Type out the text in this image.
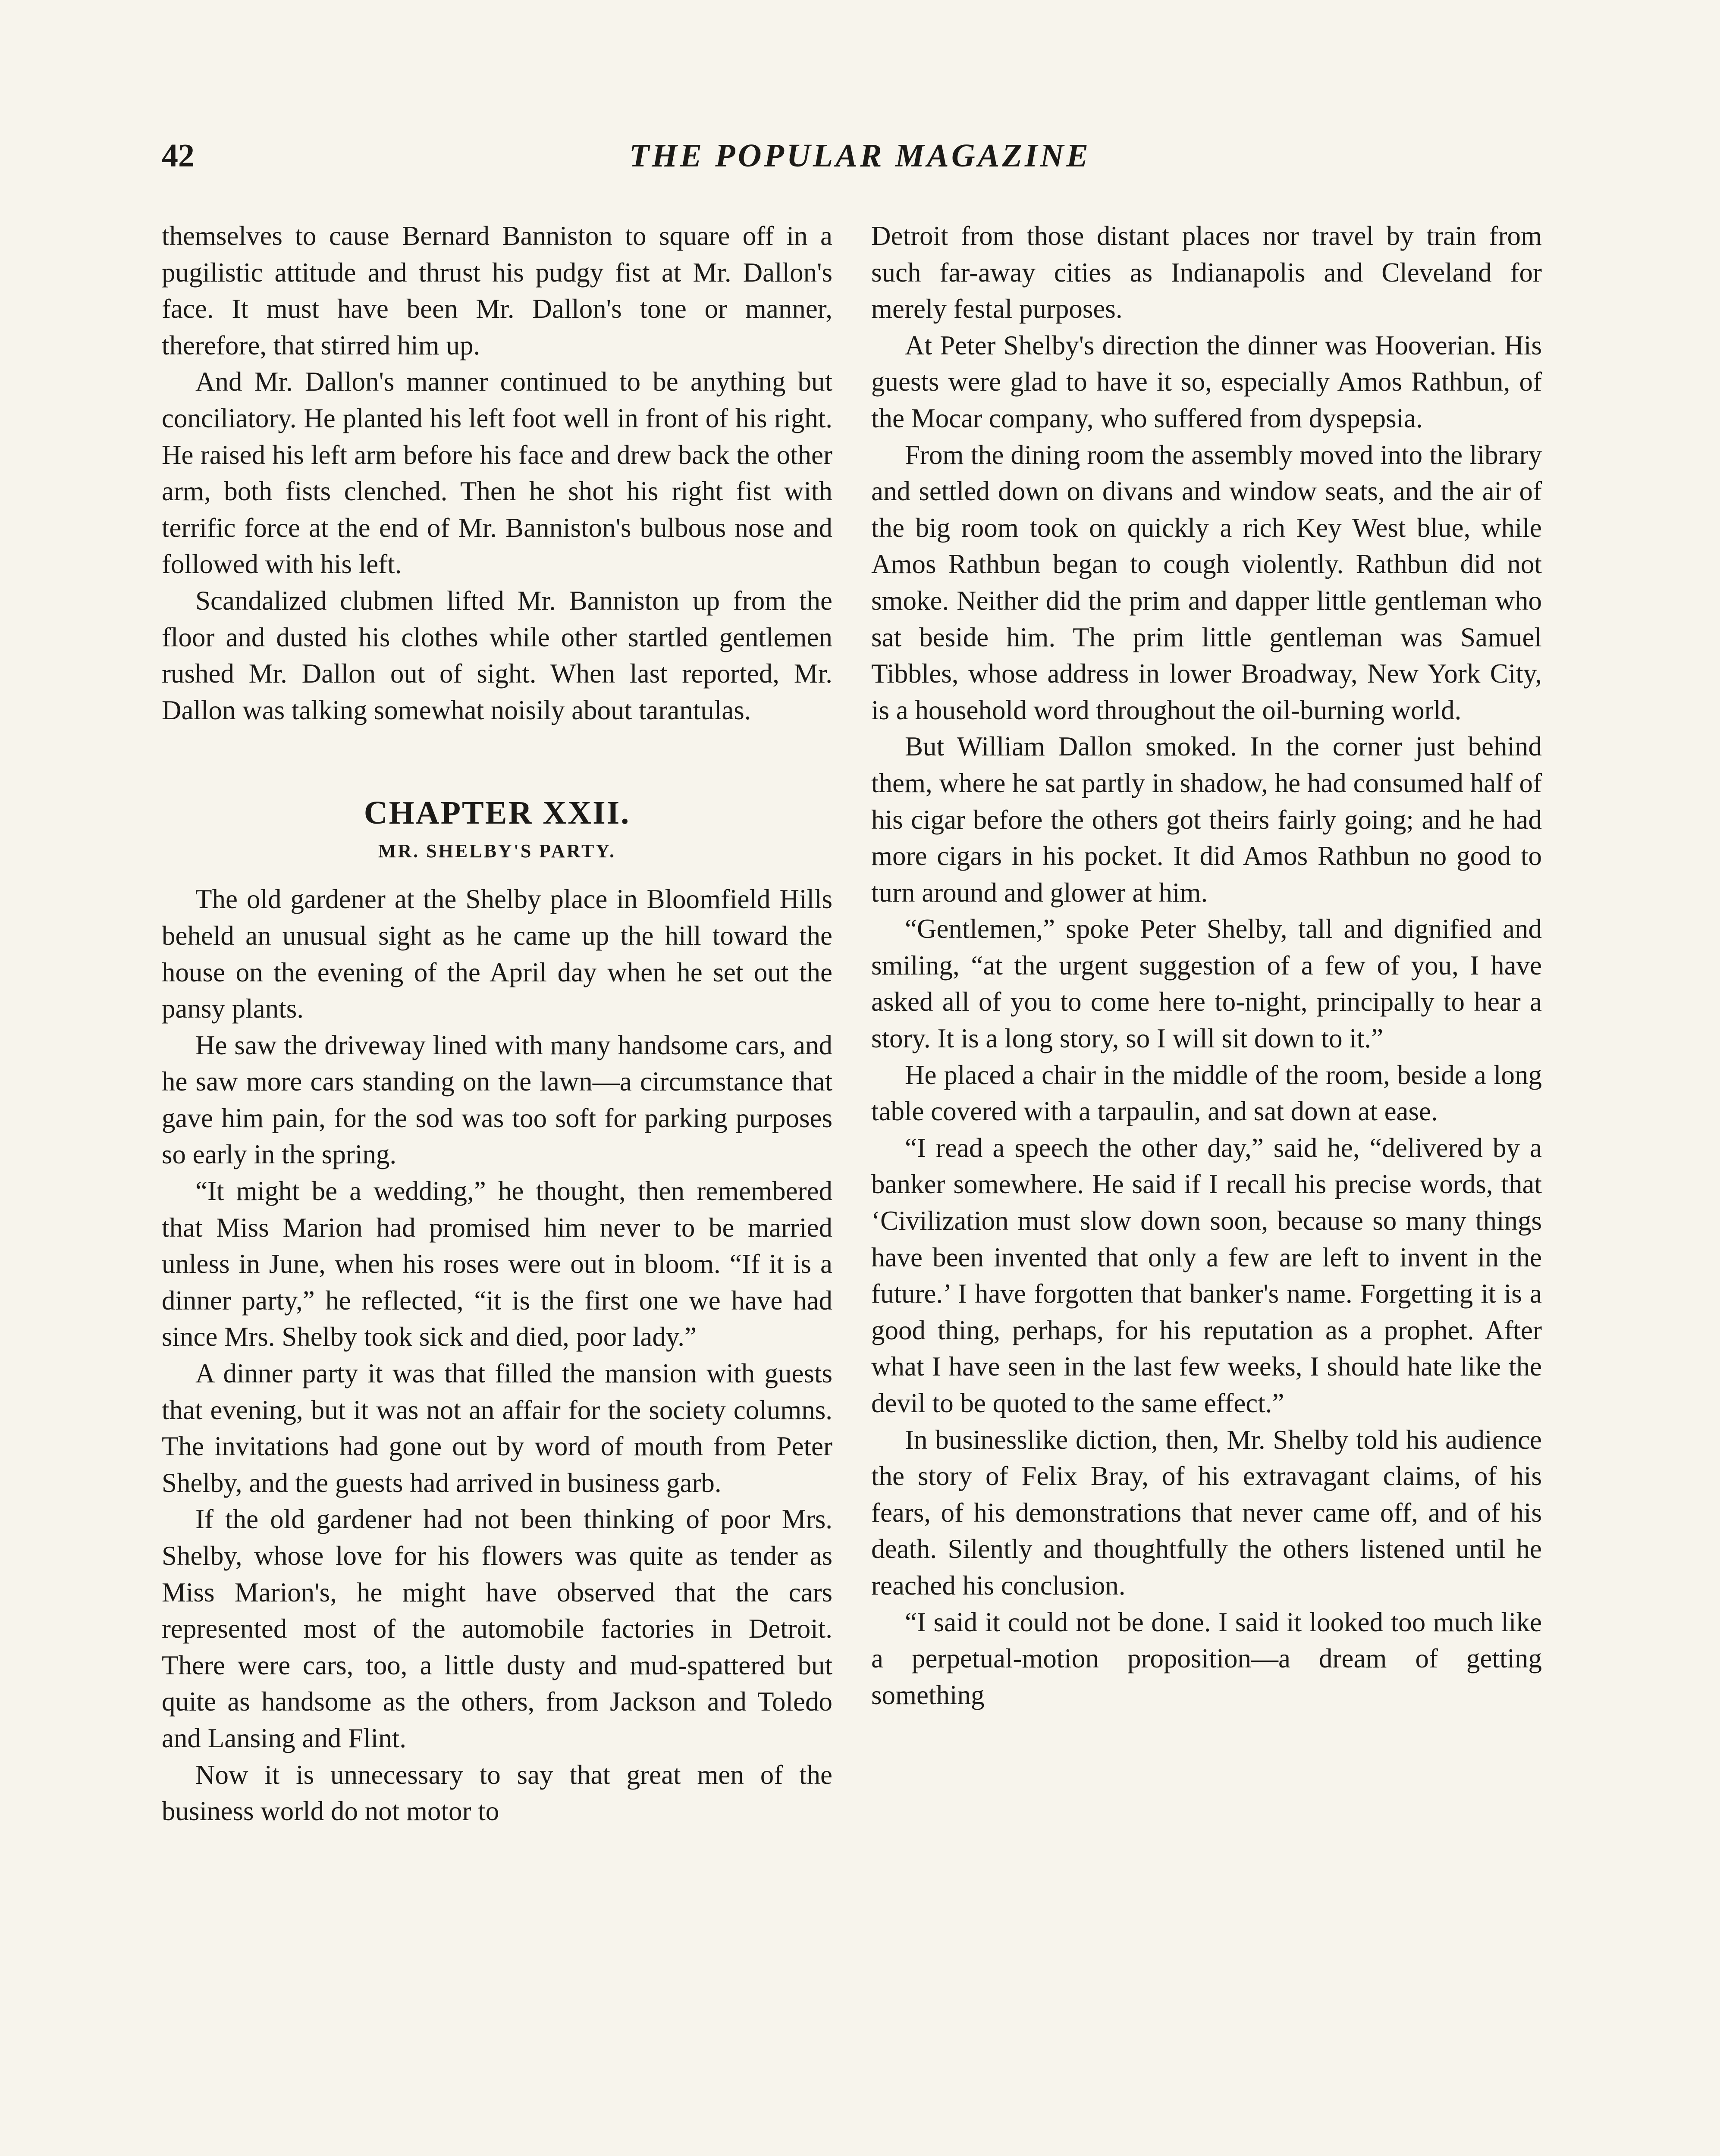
42	THE POPULAR MAGAZINE

themselves to cause Bernard Banniston to square off in a pugilistic attitude and thrust his pudgy fist at Mr. Dallon's face. It must have been Mr. Dallon's tone or manner, therefore, that stirred him up.

And Mr. Dallon's manner continued to be anything but conciliatory. He planted his left foot well in front of his right. He raised his left arm before his face and drew back the other arm, both fists clenched. Then he shot his right fist with terrific force at the end of Mr. Banniston's bulbous nose and followed with his left.

Scandalized clubmen lifted Mr. Banniston up from the floor and dusted his clothes while other startled gentlemen rushed Mr. Dallon out of sight. When last reported, Mr. Dallon was talking somewhat noisily about tarantulas.

CHAPTER XXII.
MR. SHELBY'S PARTY.

The old gardener at the Shelby place in Bloomfield Hills beheld an unusual sight as he came up the hill toward the house on the evening of the April day when he set out the pansy plants.

He saw the driveway lined with many handsome cars, and he saw more cars standing on the lawn—a circumstance that gave him pain, for the sod was too soft for parking purposes so early in the spring.

“It might be a wedding,” he thought, then remembered that Miss Marion had promised him never to be married unless in June, when his roses were out in bloom. “If it is a dinner party,” he reflected, “it is the first one we have had since Mrs. Shelby took sick and died, poor lady.”

A dinner party it was that filled the mansion with guests that evening, but it was not an affair for the society columns. The invitations had gone out by word of mouth from Peter Shelby, and the guests had arrived in business garb.

If the old gardener had not been thinking of poor Mrs. Shelby, whose love for his flowers was quite as tender as Miss Marion's, he might have observed that the cars represented most of the automobile factories in Detroit. There were cars, too, a little dusty and mud-spattered but quite as handsome as the others, from Jackson and Toledo and Lansing and Flint.

Now it is unnecessary to say that great men of the business world do not motor to

Detroit from those distant places nor travel by train from such far-away cities as Indianapolis and Cleveland for merely festal purposes.

At Peter Shelby's direction the dinner was Hooverian. His guests were glad to have it so, especially Amos Rathbun, of the Mocar company, who suffered from dyspepsia.

From the dining room the assembly moved into the library and settled down on divans and window seats, and the air of the big room took on quickly a rich Key West blue, while Amos Rathbun began to cough violently. Rathbun did not smoke. Neither did the prim and dapper little gentleman who sat beside him. The prim little gentleman was Samuel Tibbles, whose address in lower Broadway, New York City, is a household word throughout the oil-burning world.

But William Dallon smoked. In the corner just behind them, where he sat partly in shadow, he had consumed half of his cigar before the others got theirs fairly going; and he had more cigars in his pocket. It did Amos Rathbun no good to turn around and glower at him.

“Gentlemen,” spoke Peter Shelby, tall and dignified and smiling, “at the urgent suggestion of a few of you, I have asked all of you to come here to-night, principally to hear a story. It is a long story, so I will sit down to it.”

He placed a chair in the middle of the room, beside a long table covered with a tarpaulin, and sat down at ease.

“I read a speech the other day,” said he, “delivered by a banker somewhere. He said if I recall his precise words, that ‘Civilization must slow down soon, because so many things have been invented that only a few are left to invent in the future.’ I have forgotten that banker's name. Forgetting it is a good thing, perhaps, for his reputation as a prophet. After what I have seen in the last few weeks, I should hate like the devil to be quoted to the same effect.”

In businesslike diction, then, Mr. Shelby told his audience the story of Felix Bray, of his extravagant claims, of his fears, of his demonstrations that never came off, and of his death. Silently and thoughtfully the others listened until he reached his conclusion.

“I said it could not be done. I said it looked too much like a perpetual-motion proposition—a dream of getting something
